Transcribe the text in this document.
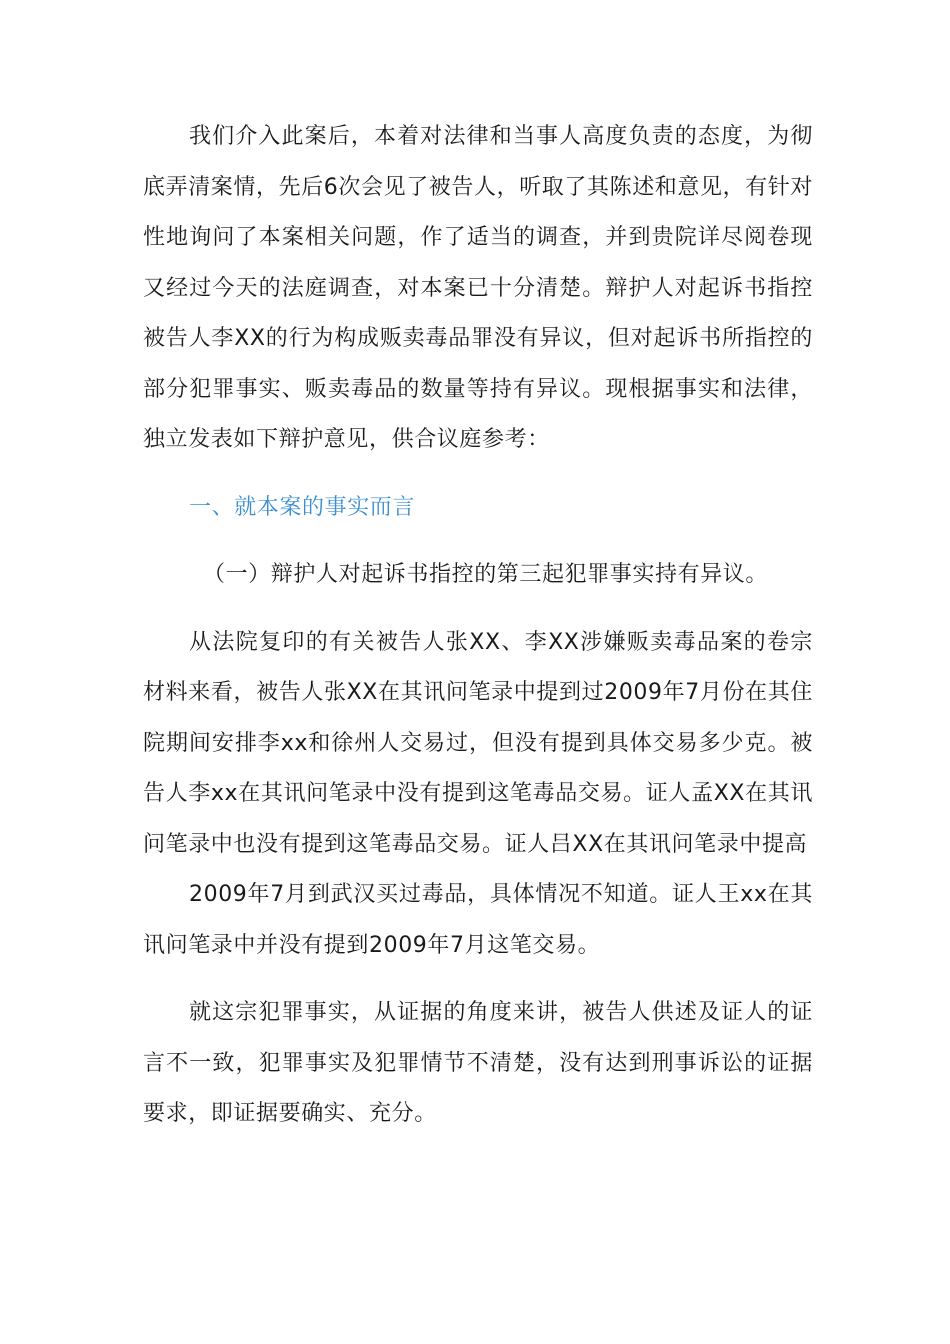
我们介入此案后，本着对法律和当事人高度负责的态度，为彻底弄清案情，先后6次会见了被告人，听取了其陈述和意见，有针对性地询问了本案相关问题，作了适当的调查，并到贵院详尽阅卷现又经过今天的法庭调查，对本案已十分清楚。辩护人对起诉书指控被告人李XX的行为构成贩卖毒品罪没有异议，但对起诉书所指控的部分犯罪事实、贩卖毒品的数量等持有异议。现根据事实和法律，独立发表如下辩护意见，供合议庭参考：

一、就本案的事实而言

（一）辩护人对起诉书指控的第三起犯罪事实持有异议。

从法院复印的有关被告人张XX、李XX涉嫌贩卖毒品案的卷宗材料来看，被告人张XX在其讯问笔录中提到过2009年7月份在其住院期间安排李xx和徐州人交易过，但没有提到具体交易多少克。被告人李xx在其讯问笔录中没有提到这笔毒品交易。证人孟XX在其讯问笔录中也没有提到这笔毒品交易。证人吕XX在其讯问笔录中提高

2009年7月到武汉买过毒品，具体情况不知道。证人王xx在其讯问笔录中并没有提到2009年7月这笔交易。

就这宗犯罪事实，从证据的角度来讲，被告人供述及证人的证言不一致，犯罪事实及犯罪情节不清楚，没有达到刑事诉讼的证据要求，即证据要确实、充分。
